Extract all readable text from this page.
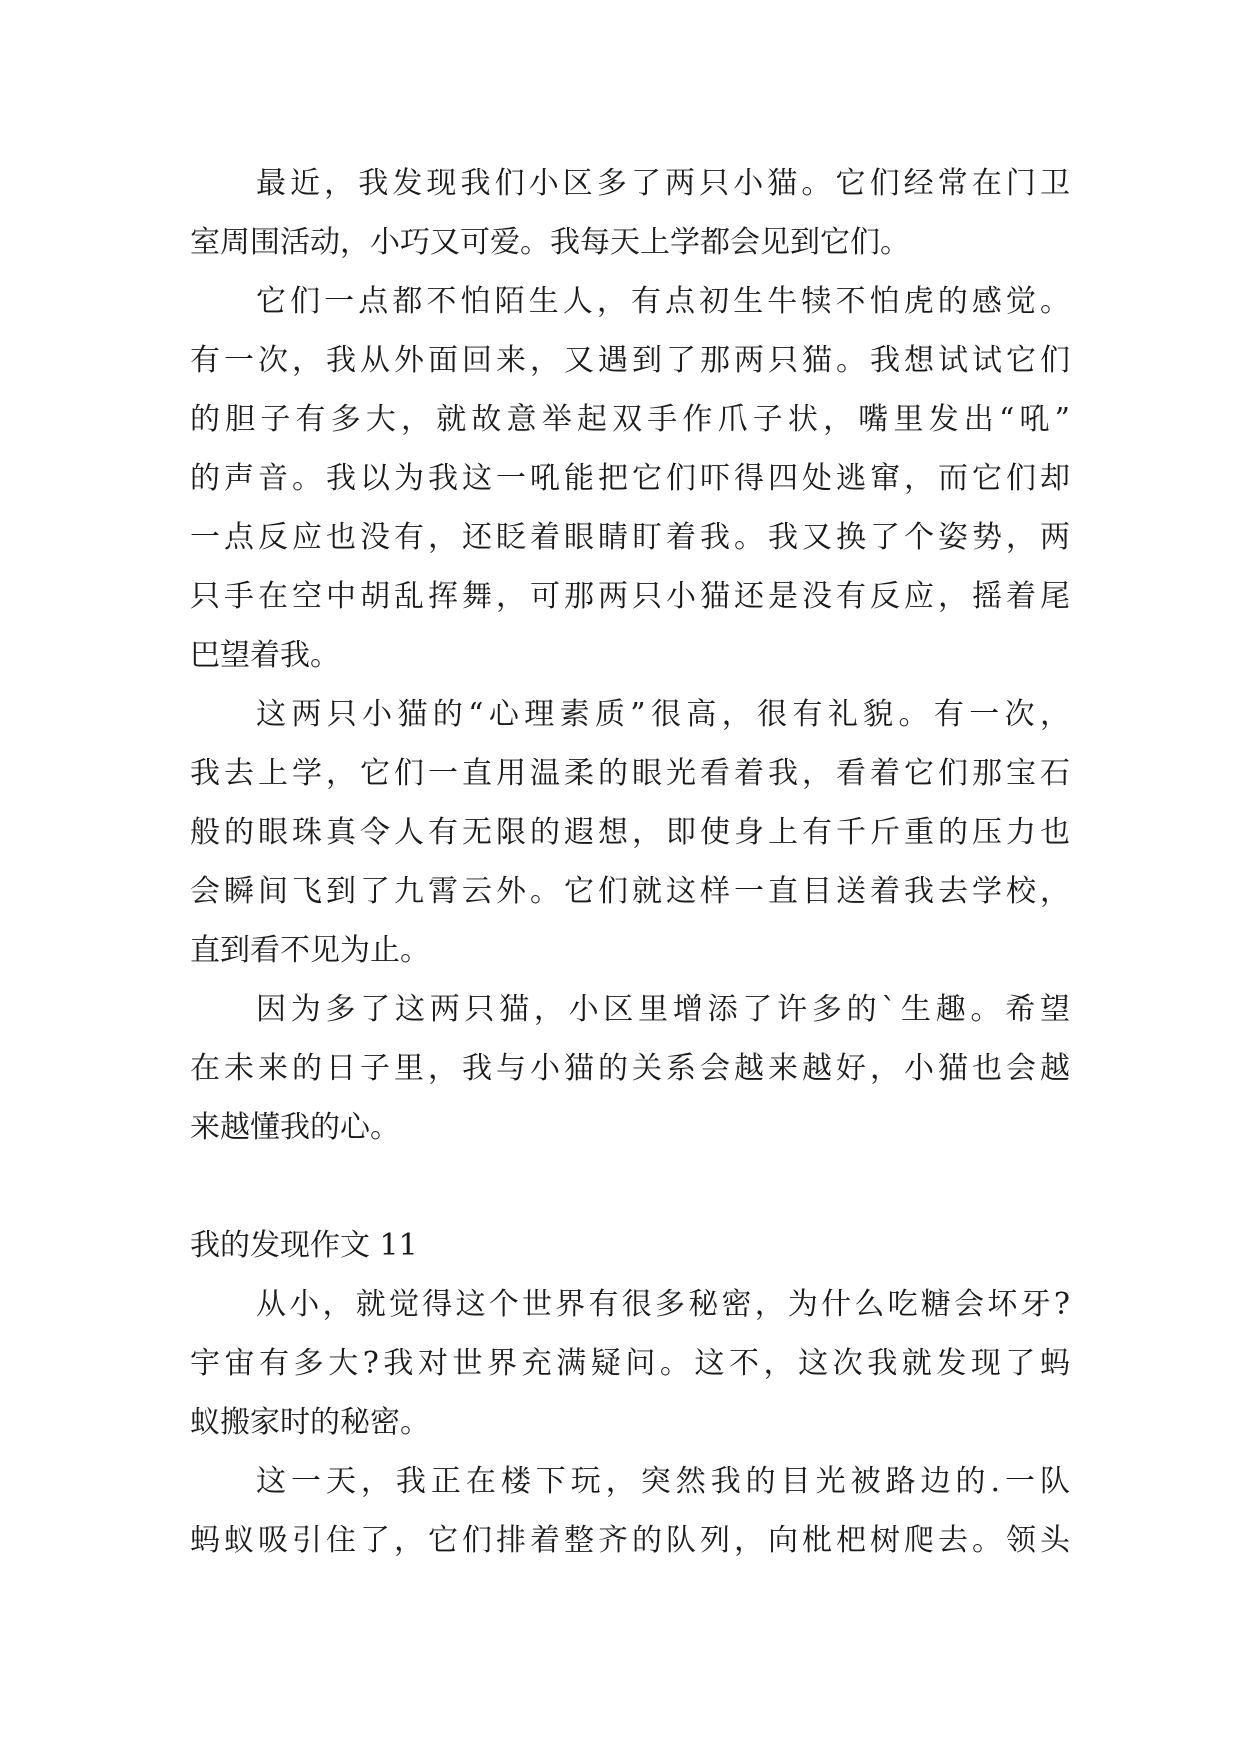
最近，我发现我们小区多了两只小猫。它们经常在门卫
室周围活动，小巧又可爱。我每天上学都会见到它们。
它们一点都不怕陌生人，有点初生牛犊不怕虎的感觉。
有一次，我从外面回来，又遇到了那两只猫。我想试试它们
的胆子有多大，就故意举起双手作爪子状，嘴里发出“吼”
的声音。我以为我这一吼能把它们吓得四处逃窜，而它们却
一点反应也没有，还眨着眼睛盯着我。我又换了个姿势，两
只手在空中胡乱挥舞，可那两只小猫还是没有反应，摇着尾
巴望着我。
这两只小猫的“心理素质”很高，很有礼貌。有一次，
我去上学，它们一直用温柔的眼光看着我，看着它们那宝石
般的眼珠真令人有无限的遐想，即使身上有千斤重的压力也
会瞬间飞到了九霄云外。它们就这样一直目送着我去学校，
直到看不见为止。
因为多了这两只猫，小区里增添了许多的`生趣。希望
在未来的日子里，我与小猫的关系会越来越好，小猫也会越
来越懂我的心。
我的发现作文 11
从小，就觉得这个世界有很多秘密，为什么吃糖会坏牙?
宇宙有多大?我对世界充满疑问。这不，这次我就发现了蚂
蚁搬家时的秘密。
这一天，我正在楼下玩，突然我的目光被路边的.一队
蚂蚁吸引住了，它们排着整齐的队列，向枇杷树爬去。领头
